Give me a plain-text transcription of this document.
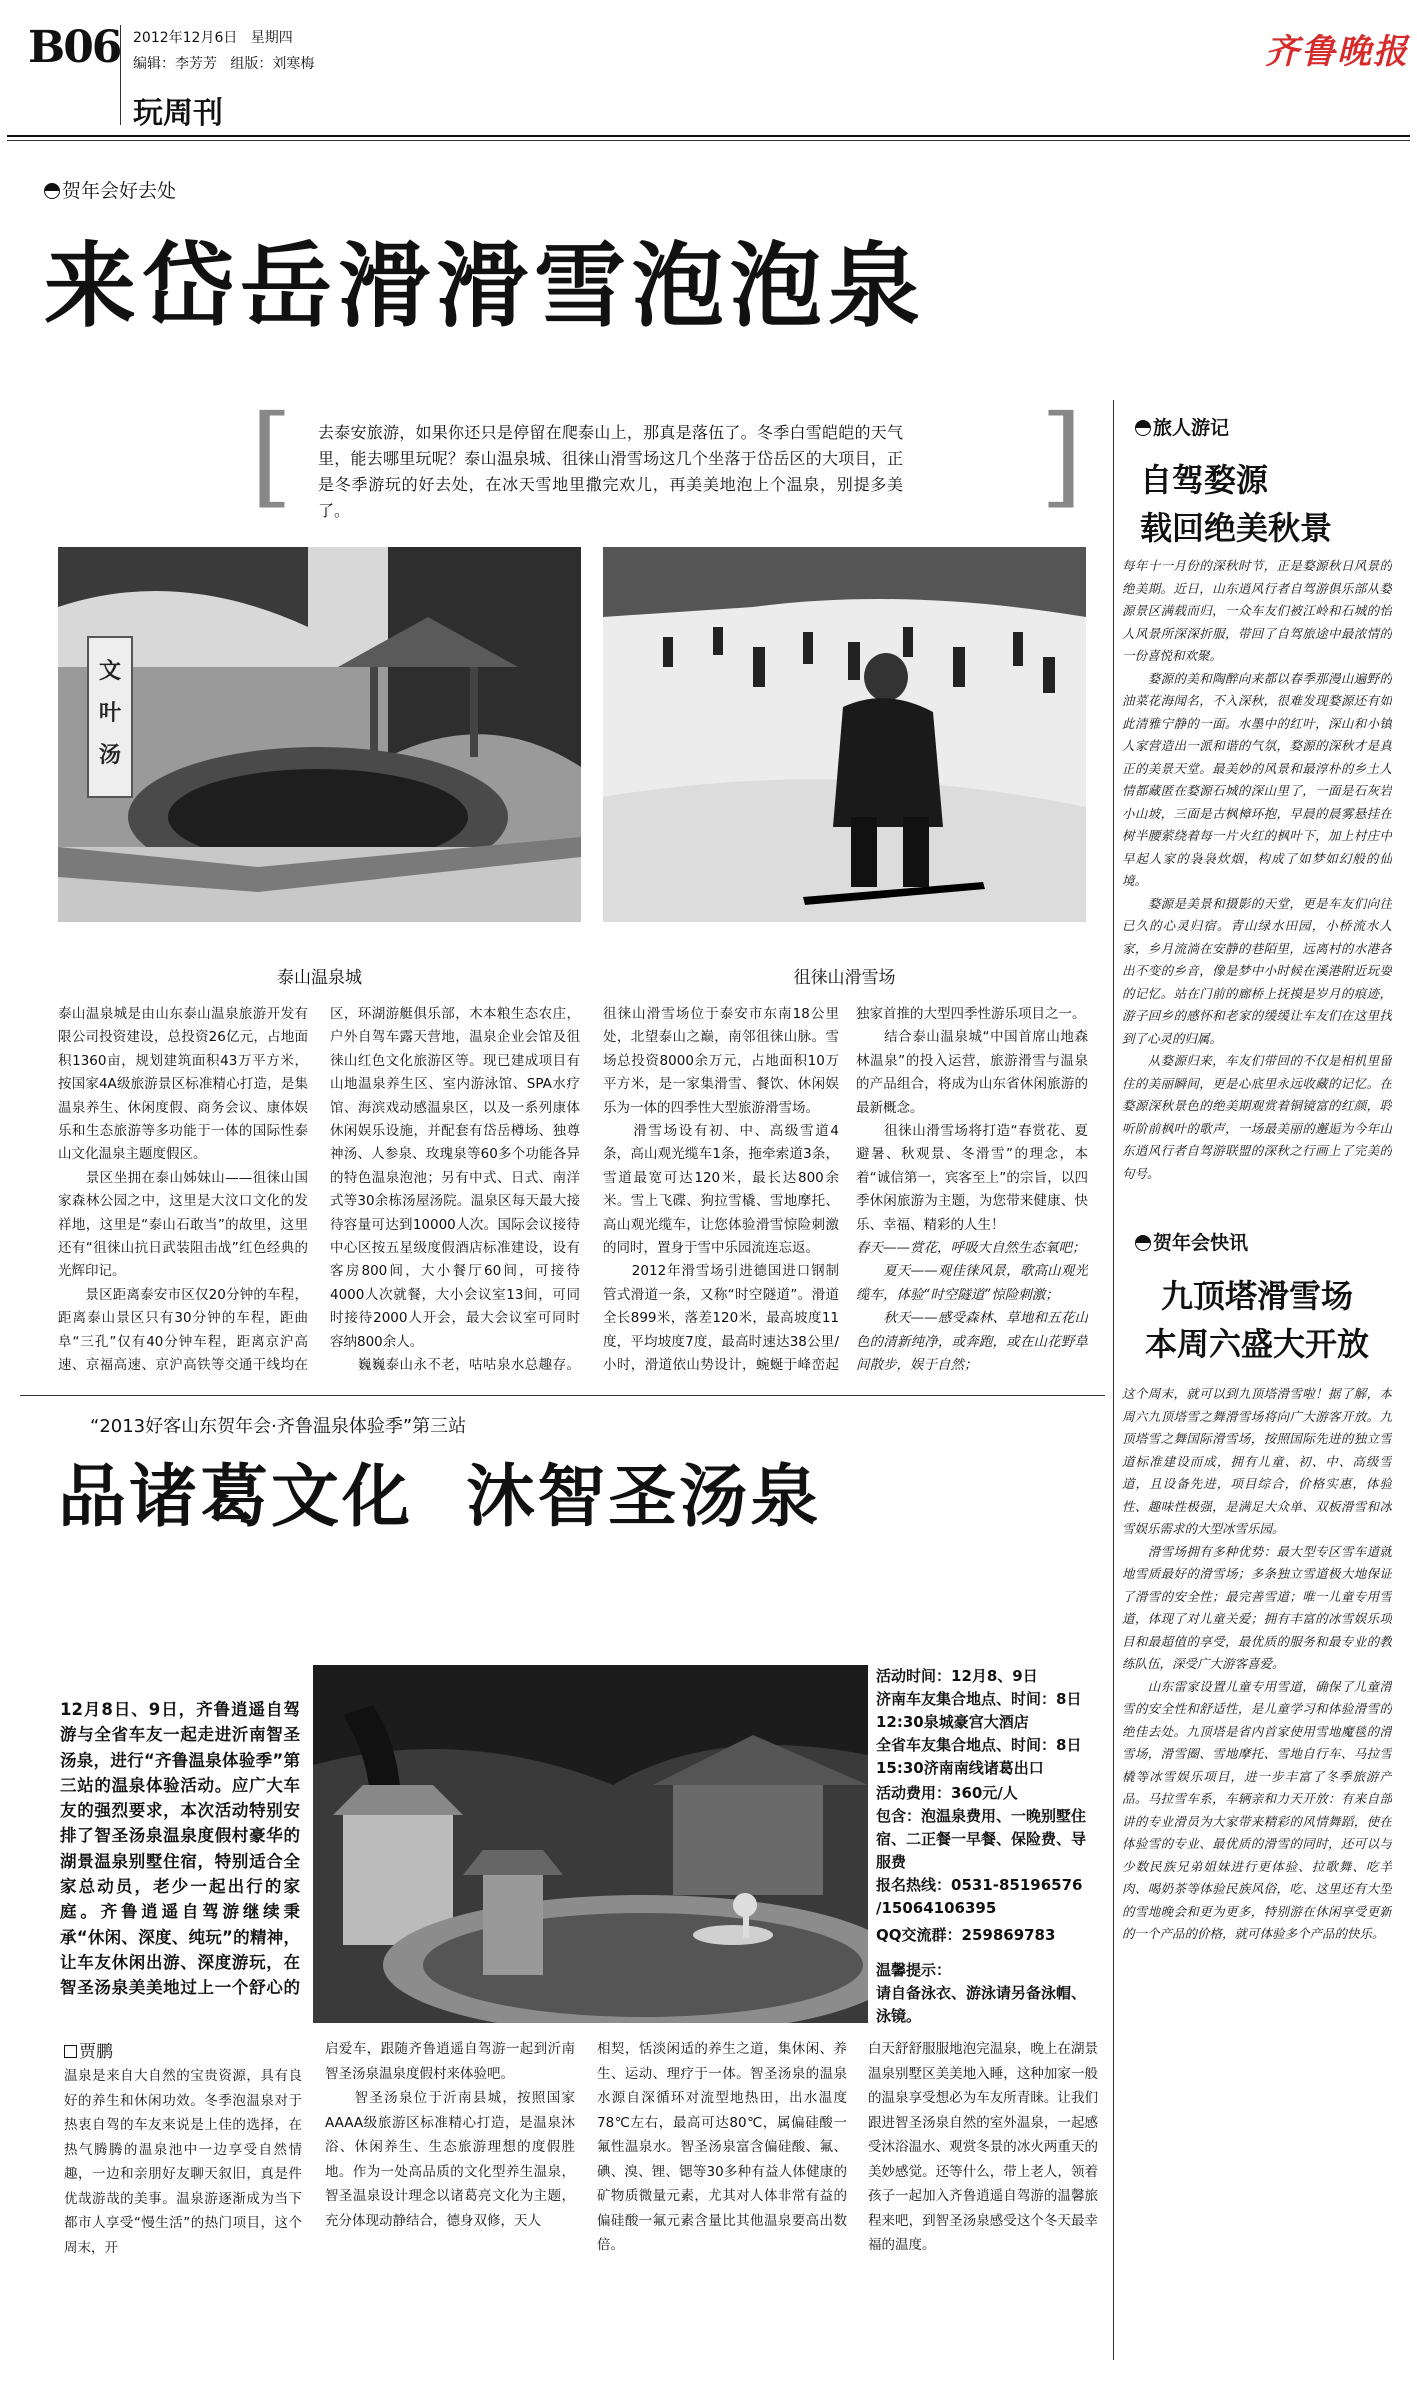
B06 2012年12月6日   星期四
编辑：李芳芳   组版：刘寒梅
玩周刊
齐鲁晚报
贺年会好去处
来岱岳滑滑雪泡泡泉
[ 去泰安旅游，如果你还只是停留在爬泰山上，那真是落伍了。冬季白雪皑皑的天气里，能去哪里玩呢？泰山温泉城、徂徕山滑雪场这几个坐落于岱岳区的大项目，正是冬季游玩的好去处，在冰天雪地里撒完欢儿，再美美地泡上个温泉，别提多美了。	]
文叶汤
泰山温泉城	徂徕山滑雪场
泰山温泉城是由山东泰山温泉旅游开发有限公司投资建设，总投资26亿元，占地面积1360亩，规划建筑面积43万平方米，按国家4A级旅游景区标准精心打造，是集温泉养生、休闲度假、商务会议、康体娱乐和生态旅游等多功能于一体的国际性泰山文化温泉主题度假区。
　　景区坐拥在泰山姊妹山——徂徕山国家森林公园之中，这里是大汶口文化的发祥地，这里是“泰山石敢当”的故里，这里还有“徂徕山抗日武装阻击战”红色经典的光辉印记。
　　景区距离泰安市区仅20分钟的车程，距离泰山景区只有30分钟的车程，距曲阜“三孔”仅有40分钟车程，距离京沪高速、京福高速、京沪高铁等交通干线均在

区，环湖游艇俱乐部，木本粮生态农庄，户外自驾车露天营地，温泉企业会馆及徂徕山红色文化旅游区等。现已建成项目有山地温泉养生区、室内游泳馆、SPA水疗馆、海滨戏动感温泉区，以及一系列康体休闲娱乐设施，并配套有岱岳樽场、独尊神汤、人参泉、玫瑰泉等60多个功能各异的特色温泉泡池；另有中式、日式、南洋式等30余栋汤屋汤院。温泉区每天最大接待容量可达到10000人次。国际会议接待中心区按五星级度假酒店标准建设，设有客房800间，大小餐厅60间，可接待4000人次就餐，大小会议室13间，可同时接待2000人开会，最大会议室可同时容纳800余人。
　　巍巍泰山永不老，咕咕泉水总趣存。
徂徕山滑雪场位于泰安市东南18公里处，北望泰山之巅，南邻徂徕山脉。雪场总投资8000余万元，占地面积10万平方米，是一家集滑雪、餐饮、休闲娱乐为一体的四季性大型旅游滑雪场。
　　滑雪场设有初、中、高级雪道4条，高山观光缆车1条，拖牵索道3条，雪道最宽可达120米，最长达800余米。雪上飞碟、狗拉雪橇、雪地摩托、高山观光缆车，让您体验滑雪惊险刺激的同时，置身于雪中乐园流连忘返。
　　2012年滑雪场引进德国进口钢制管式滑道一条，又称“时空隧道”。滑道全长899米，落差120米，最高坡度11度，平均坡度7度，最高时速达38公里/小时，滑道依山势设计，蜿蜒于峰峦起
独家首推的大型四季性游乐项目之一。
　　结合泰山温泉城“中国首席山地森林温泉”的投入运营，旅游滑雪与温泉的产品组合，将成为山东省休闲旅游的最新概念。
　　徂徕山滑雪场将打造“春赏花、夏避暑、秋观景、冬滑雪”的理念，本着“诚信第一，宾客至上”的宗旨，以四季休闲旅游为主题，为您带来健康、快乐、幸福、精彩的人生！
春天——赏花，呼吸大自然生态氧吧；
　　夏天——观佳徕风景，歌高山观光缆车，体验“时空隧道”惊险刺激；
　　秋天——感受森林、草地和五花山色的清新纯净，或奔跑，或在山花野草间散步，娱于自然；

旅人游记
自驾婺源
载回绝美秋景
每年十一月份的深秋时节，正是婺源秋日风景的绝美期。近日，山东逍风行者自驾游俱乐部从婺源景区满载而归，一众车友们被江岭和石城的怡人风景所深深折服，带回了自驾旅途中最浓情的一份喜悦和欢聚。
　　婺源的美和陶醉向来都以春季那漫山遍野的油菜花海闻名，不入深秋，很难发现婺源还有如此清雅宁静的一面。水墨中的红叶，深山和小镇人家营造出一派和谐的气氛，婺源的深秋才是真正的美景天堂。最美妙的风景和最淳朴的乡土人情都藏匿在婺源石城的深山里了，一面是石灰岩小山坡，三面是古枫樟环抱，早晨的晨雾悬挂在树半腰萦绕着每一片火红的枫叶下，加上村庄中早起人家的袅袅炊烟，构成了如梦如幻般的仙境。
　　婺源是美景和摄影的天堂，更是车友们向往已久的心灵归宿。青山绿水田园，小桥流水人家，乡月流淌在安静的巷陌里，远离村的水港各出不变的乡音，像是梦中小时候在溪港附近玩耍的记忆。站在门前的廊桥上抚摸是岁月的痕迹，游子回乡的感怀和老家的缓缓让车友们在这里找到了心灵的归属。
　　从婺源归来，车友们带回的不仅是相机里留住的美丽瞬间，更是心底里永远收藏的记忆。在婺源深秋景色的绝美期观赏着铜镜富的红颜，聆听阶前枫叶的歌声，一场最美丽的邂逅为今年山东逍风行者自驾游联盟的深秋之行画上了完美的句号。
贺年会快讯
九顶塔滑雪场
本周六盛大开放
这个周末，就可以到九顶塔滑雪啦！据了解，本周六九顶塔雪之舞滑雪场将向广大游客开放。九顶塔雪之舞国际滑雪场，按照国际先进的独立雪道标准建设而成，拥有儿童、初、中、高级雪道，且设备先进，项目综合，价格实惠，体验性、趣味性极强，是满足大众单、双板滑雪和冰雪娱乐需求的大型冰雪乐园。
　　滑雪场拥有多种优势：最大型专区雪车道就地雪质最好的滑雪场；多条独立雪道极大地保证了滑雪的安全性；最完善雪道；唯一儿童专用雪道，体现了对儿童关爱；拥有丰富的冰雪娱乐项目和最超值的享受，最优质的服务和最专业的教练队伍，深受广大游客喜爱。
　　山东雷家设置儿童专用雪道，确保了儿童滑雪的安全性和舒适性，是儿童学习和体验滑雪的绝佳去处。九顶塔是省内首家使用雪地魔毯的滑雪场，滑雪圈、雪地摩托、雪地自行车、马拉雪橇等冰雪娱乐项目，进一步丰富了冬季旅游产品。马拉雪车系，车辆亲和力天开放：有来自部讲的专业滑员为大家带来精彩的风情舞蹈，使在体验雪的专业、最优质的滑雪的同时，还可以与少数民族兄弟姐妹进行更体验、拉歌舞、吃羊肉、喝奶茶等体验民族风俗，吃、这里还有大型的雪地晚会和更为更多，特别游在休闲享受更新的一个产品的价格，就可体验多个产品的快乐。
“2013好客山东贺年会·齐鲁温泉体验季”第三站
品诸葛文化  沐智圣汤泉
12月8日、9日，齐鲁逍遥自驾游与全省车友一起走进沂南智圣汤泉，进行“齐鲁温泉体验季”第三站的温泉体验活动。应广大车友的强烈要求，本次活动特别安排了智圣汤泉温泉度假村豪华的湖景温泉别墅住宿，特别适合全家总动员，老少一起出行的家庭。齐鲁逍遥自驾游继续秉承“休闲、深度、纯玩”的精神，让车友休闲出游、深度游玩，在智圣汤泉美美地过上一个舒心的
活动时间：12月8、9日
济南车友集合地点、时间：8日12:30泉城豪宫大酒店
全省车友集合地点、时间：8日15:30济南南线诸葛出口
活动费用：360元/人
包含：泡温泉费用、一晚别墅住宿、二正餐一早餐、保险费、导服费
报名热线：0531-85196576 /15064106395
QQ交流群：259869783
温馨提示：
请自备泳衣、游泳请另备泳帽、泳镜。
贾鹏
温泉是来自大自然的宝贵资源，具有良好的养生和休闲功效。冬季泡温泉对于热衷自驾的车友来说是上佳的选择，在热气腾腾的温泉池中一边享受自然情趣，一边和亲朋好友聊天叙旧，真是件优哉游哉的美事。温泉游逐渐成为当下都市人享受“慢生活”的热门项目，这个周末，开
启爱车，跟随齐鲁逍遥自驾游一起到沂南智圣汤泉温泉度假村来体验吧。
　　智圣汤泉位于沂南县城，按照国家AAAA级旅游区标准精心打造，是温泉沐浴、休闲养生、生态旅游理想的度假胜地。作为一处高品质的文化型养生温泉，智圣温泉设计理念以诸葛亮文化为主题，充分体现动静结合，德身双修，天人
相契，恬淡闲适的养生之道，集休闲、养生、运动、理疗于一体。智圣汤泉的温泉水源自深循环对流型地热田，出水温度78℃左右，最高可达80℃，属偏硅酸一氟性温泉水。智圣汤泉富含偏硅酸、氟、碘、溴、锂、锶等30多种有益人体健康的矿物质微量元素，尤其对人体非常有益的偏硅酸一氟元素含量比其他温泉要高出数倍。
白天舒舒服服地泡完温泉，晚上在湖景温泉别墅区美美地入睡，这种加家一般的温泉享受想必为车友所青睐。让我们跟进智圣汤泉自然的室外温泉，一起感受沐浴温水、观赏冬景的冰火两重天的美妙感觉。还等什么，带上老人，领着孩子一起加入齐鲁逍遥自驾游的温馨旅程来吧，到智圣汤泉感受这个冬天最幸福的温度。
